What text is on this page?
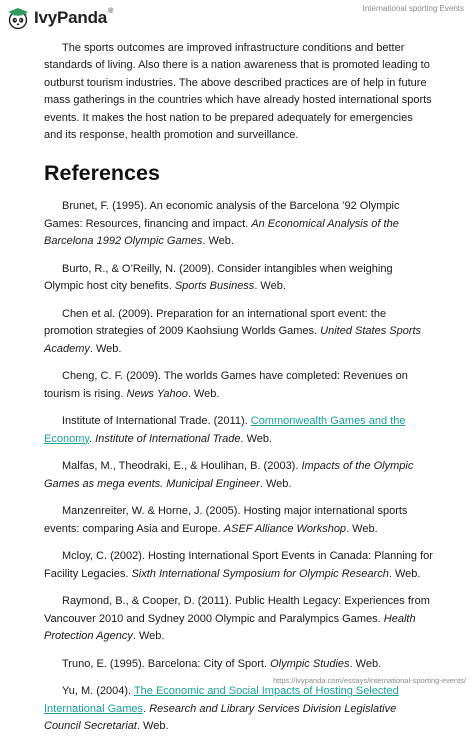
IvyPanda®	International sporting Events

The sports outcomes are improved infrastructure conditions and better standards of living. Also there is a nation awareness that is promoted leading to outburst tourism industries. The above described practices are of help in future mass gatherings in the countries which have already hosted international sports events. It makes the host nation to be prepared adequately for emergencies and its response, health promotion and surveillance.

References

Brunet, F. (1995). An economic analysis of the Barcelona ’92 Olympic Games: Resources, financing and impact. An Economical Analysis of the Barcelona 1992 Olympic Games. Web.

Burto, R., & O’Reilly, N. (2009). Consider intangibles when weighing Olympic host city benefits. Sports Business. Web.

Chen et al. (2009). Preparation for an international sport event: the promotion strategies of 2009 Kaohsiung Worlds Games. United States Sports Academy. Web.

Cheng, C. F. (2009). The worlds Games have completed: Revenues on tourism is rising. News Yahoo. Web.

Institute of International Trade. (2011). Commonwealth Games and the Economy. Institute of International Trade. Web.

Malfas, M., Theodraki, E., & Houlihan, B. (2003). Impacts of the Olympic Games as mega events. Municipal Engineer. Web.

Manzenreiter, W. & Horne, J. (2005). Hosting major international sports events: comparing Asia and Europe. ASEF Alliance Workshop. Web.

Mcloy, C. (2002). Hosting International Sport Events in Canada: Planning for Facility Legacies. Sixth International Symposium for Olympic Research. Web.

Raymond, B., & Cooper, D. (2011). Public Health Legacy: Experiences from Vancouver 2010 and Sydney 2000 Olympic and Paralympics Games. Health Protection Agency. Web.

Truno, E. (1995). Barcelona: City of Sport. Olympic Studies. Web.

Yu, M. (2004). The Economic and Social Impacts of Hosting Selected International Games. Research and Library Services Division Legislative Council Secretariat. Web.

https://ivypanda.com/essays/international-sporting-events/
